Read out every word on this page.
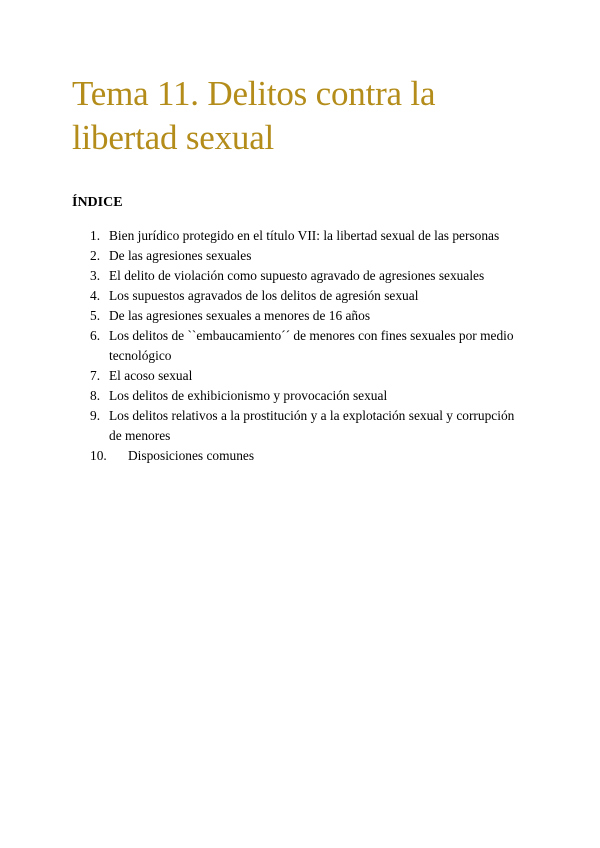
Tema 11. Delitos contra la libertad sexual
ÍNDICE
1. Bien jurídico protegido en el título VII: la libertad sexual de las personas
2. De las agresiones sexuales
3. El delito de violación como supuesto agravado de agresiones sexuales
4. Los supuestos agravados de los delitos de agresión sexual
5. De las agresiones sexuales a menores de 16 años
6. Los delitos de ``embaucamiento´´ de menores con fines sexuales por medio tecnológico
7. El acoso sexual
8. Los delitos de exhibicionismo y provocación sexual
9. Los delitos relativos a la prostitución y a la explotación sexual y corrupción de menores
10. Disposiciones comunes
